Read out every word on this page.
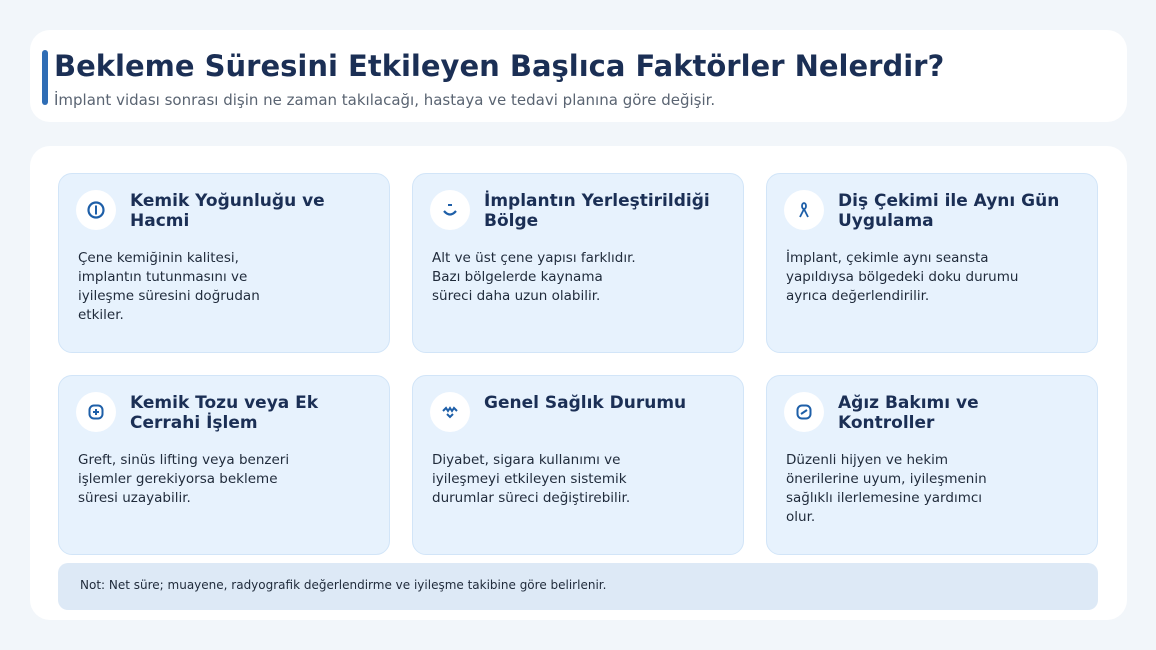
Bekleme Süresini Etkileyen Başlıca Faktörler Nelerdir?

İmplant vidası sonrası dişin ne zaman takılacağı, hastaya ve tedavi planına göre değişir.

Kemik Yoğunluğu ve Hacmi
Çene kemiğinin kalitesi, implantın tutunmasını ve iyileşme süresini doğrudan etkiler.
İmplantın Yerleştirildiği Bölge
Alt ve üst çene yapısı farklıdır. Bazı bölgelerde kaynama süreci daha uzun olabilir.
Diş Çekimi ile Aynı Gün Uygulama
İmplant, çekimle aynı seansta yapıldıysa bölgedeki doku durumu ayrıca değerlendirilir.
Kemik Tozu veya Ek Cerrahi İşlem
Greft, sinüs lifting veya benzeri işlemler gerekiyorsa bekleme süresi uzayabilir.
Genel Sağlık Durumu
Diyabet, sigara kullanımı ve iyileşmeyi etkileyen sistemik durumlar süreci değiştirebilir.
Ağız Bakımı ve Kontroller
Düzenli hijyen ve hekim önerilerine uyum, iyileşmenin sağlıklı ilerlemesine yardımcı olur.
Not: Net süre; muayene, radyografik değerlendirme ve iyileşme takibine göre belirlenir.
